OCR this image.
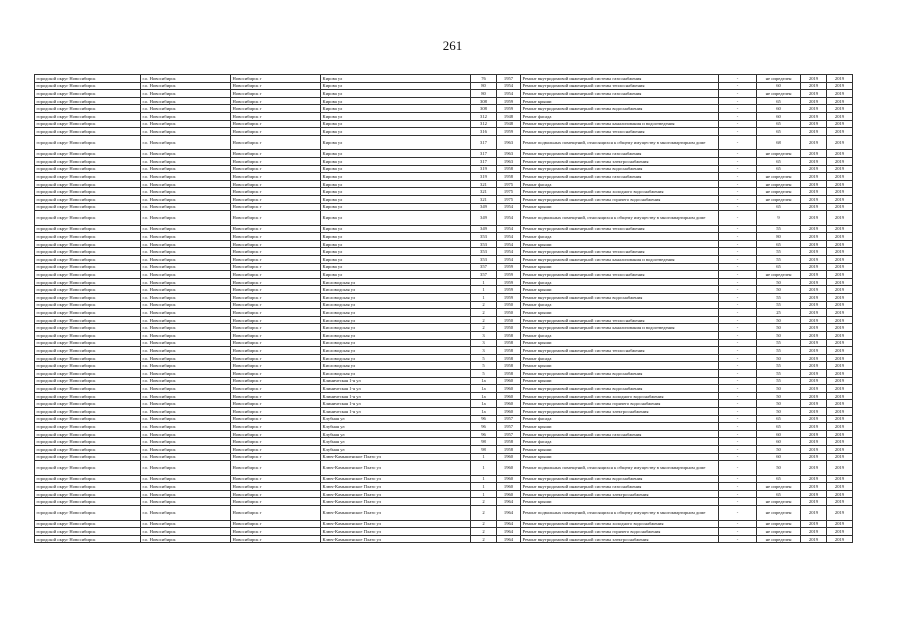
261
городской округ Новосибирск	г.о. Новосибирск	Новосибирск г	Кирова ул	76	1957	Ремонт внутридомовой инженерной системы газоснабжения	-	не определен	2019	2019
городской округ Новосибирск	г.о. Новосибирск	Новосибирск г	Кирова ул	80	1954	Ремонт внутридомовой инженерной системы теплоснабжения	-	60	2019	2019
городской округ Новосибирск	г.о. Новосибирск	Новосибирск г	Кирова ул	80	1954	Ремонт внутридомовой инженерной системы газоснабжения	-	не определен	2019	2019
городской округ Новосибирск	г.о. Новосибирск	Новосибирск г	Кирова ул	308	1959	Ремонт крыши	-	65	2019	2019
городской округ Новосибирск	г.о. Новосибирск	Новосибирск г	Кирова ул	308	1959	Ремонт внутридомовой инженерной системы водоснабжения	-	60	2019	2019
городской округ Новосибирск	г.о. Новосибирск	Новосибирск г	Кирова ул	312	1948	Ремонт фасада	-	60	2019	2019
городской округ Новосибирск	г.о. Новосибирск	Новосибирск г	Кирова ул	312	1948	Ремонт внутридомовой инженерной системы канализования и водоотведения	-	65	2019	2019
городской округ Новосибирск	г.о. Новосибирск	Новосибирск г	Кирова ул	316	1959	Ремонт внутридомовой инженерной системы теплоснабжения	-	65	2019	2019
городской округ Новосибирск	г.о. Новосибирск	Новосибирск г	Кирова ул	317	1963	Ремонт подвальных помещений, относящихся к общему имуществу в многоквартирном доме	-	68	2019	2019
городской округ Новосибирск	г.о. Новосибирск	Новосибирск г	Кирова ул	317	1963	Ремонт внутридомовой инженерной системы газоснабжения	-	не определен	2019	2019
городской округ Новосибирск	г.о. Новосибирск	Новосибирск г	Кирова ул	317	1963	Ремонт внутридомовой инженерной системы электроснабжения	-	65	2019	2019
городской округ Новосибирск	г.о. Новосибирск	Новосибирск г	Кирова ул	319	1958	Ремонт внутридомовой инженерной системы водоснабжения	-	65	2019	2019
городской округ Новосибирск	г.о. Новосибирск	Новосибирск г	Кирова ул	319	1958	Ремонт внутридомовой инженерной системы газоснабжения	-	не определен	2019	2019
городской округ Новосибирск	г.о. Новосибирск	Новосибирск г	Кирова ул	321	1975	Ремонт фасада	-	не определен	2019	2019
городской округ Новосибирск	г.о. Новосибирск	Новосибирск г	Кирова ул	321	1975	Ремонт внутридомовой инженерной системы холодного водоснабжения	-	не определен	2019	2019
городской округ Новосибирск	г.о. Новосибирск	Новосибирск г	Кирова ул	321	1975	Ремонт внутридомовой инженерной системы горячего водоснабжения	-	не определен	2019	2019
городской округ Новосибирск	г.о. Новосибирск	Новосибирск г	Кирова ул	349	1954	Ремонт крыши	-	65	2019	2019
городской округ Новосибирск	г.о. Новосибирск	Новосибирск г	Кирова ул	349	1954	Ремонт подвальных помещений, относящихся к общему имуществу в многоквартирном доме	-	9	2019	2019
городской округ Новосибирск	г.о. Новосибирск	Новосибирск г	Кирова ул	349	1954	Ремонт внутридомовой инженерной системы теплоснабжения	-	55	2019	2019
городской округ Новосибирск	г.о. Новосибирск	Новосибирск г	Кирова ул	353	1954	Ремонт фасада	-	80	2019	2019
городской округ Новосибирск	г.о. Новосибирск	Новосибирск г	Кирова ул	353	1954	Ремонт крыши	-	65	2019	2019
городской округ Новосибирск	г.о. Новосибирск	Новосибирск г	Кирова ул	353	1954	Ремонт внутридомовой инженерной системы теплоснабжения	-	55	2019	2019
городской округ Новосибирск	г.о. Новосибирск	Новосибирск г	Кирова ул	353	1954	Ремонт внутридомовой инженерной системы канализования и водоотведения	-	55	2019	2019
городской округ Новосибирск	г.о. Новосибирск	Новосибирск г	Кирова ул	357	1959	Ремонт крыши	-	65	2019	2019
городской округ Новосибирск	г.о. Новосибирск	Новосибирск г	Кирова ул	357	1959	Ремонт внутридомовой инженерной системы теплоснабжения	-	не определен	2019	2019
городской округ Новосибирск	г.о. Новосибирск	Новосибирск г	Кисловодская ул	1	1959	Ремонт фасада	-	50	2019	2019
городской округ Новосибирск	г.о. Новосибирск	Новосибирск г	Кисловодская ул	1	1959	Ремонт крыши	-	50	2019	2019
городской округ Новосибирск	г.о. Новосибирск	Новосибирск г	Кисловодская ул	1	1959	Ремонт внутридомовой инженерной системы водоснабжения	-	55	2019	2019
городской округ Новосибирск	г.о. Новосибирск	Новосибирск г	Кисловодская ул	2	1950	Ремонт фасада	-	55	2019	2019
городской округ Новосибирск	г.о. Новосибирск	Новосибирск г	Кисловодская ул	2	1950	Ремонт крыши	-	25	2019	2019
городской округ Новосибирск	г.о. Новосибирск	Новосибирск г	Кисловодская ул	2	1950	Ремонт внутридомовой инженерной системы теплоснабжения	-	50	2019	2019
городской округ Новосибирск	г.о. Новосибирск	Новосибирск г	Кисловодская ул	2	1950	Ремонт внутридомовой инженерной системы канализования и водоотведения	-	50	2019	2019
городской округ Новосибирск	г.о. Новосибирск	Новосибирск г	Кисловодская ул	3	1958	Ремонт фасада	-	50	2019	2019
городской округ Новосибирск	г.о. Новосибирск	Новосибирск г	Кисловодская ул	3	1958	Ремонт крыши	-	55	2019	2019
городской округ Новосибирск	г.о. Новосибирск	Новосибирск г	Кисловодская ул	3	1958	Ремонт внутридомовой инженерной системы теплоснабжения	-	55	2019	2019
городской округ Новосибирск	г.о. Новосибирск	Новосибирск г	Кисловодская ул	5	1958	Ремонт фасада	-	50	2019	2019
городской округ Новосибирск	г.о. Новосибирск	Новосибирск г	Кисловодская ул	5	1958	Ремонт крыши	-	55	2019	2019
городской округ Новосибирск	г.о. Новосибирск	Новосибирск г	Кисловодская ул	5	1958	Ремонт внутридомовой инженерной системы водоснабжения	-	55	2019	2019
городской округ Новосибирск	г.о. Новосибирск	Новосибирск г	Клиническая 1-я ул	1а	1960	Ремонт крыши	-	55	2019	2019
городской округ Новосибирск	г.о. Новосибирск	Новосибирск г	Клиническая 1-я ул	1а	1960	Ремонт внутридомовой инженерной системы водоснабжения	-	50	2019	2019
городской округ Новосибирск	г.о. Новосибирск	Новосибирск г	Клиническая 1-я ул	1а	1960	Ремонт внутридомовой инженерной системы холодного водоснабжения	-	50	2019	2019
городской округ Новосибирск	г.о. Новосибирск	Новосибирск г	Клиническая 1-я ул	1а	1960	Ремонт внутридомовой инженерной системы горячего водоснабжения	-	50	2019	2019
городской округ Новосибирск	г.о. Новосибирск	Новосибирск г	Клиническая 1-я ул	1а	1960	Ремонт внутридомовой инженерной системы электроснабжения	-	50	2019	2019
городской округ Новосибирск	г.о. Новосибирск	Новосибирск г	Клубная ул	96	1957	Ремонт фасада	-	65	2019	2019
городской округ Новосибирск	г.о. Новосибирск	Новосибирск г	Клубная ул	96	1957	Ремонт крыши	-	65	2019	2019
городской округ Новосибирск	г.о. Новосибирск	Новосибирск г	Клубная ул	96	1957	Ремонт внутридомовой инженерной системы газоснабжения	-	60	2019	2019
городской округ Новосибирск	г.о. Новосибирск	Новосибирск г	Клубная ул	98	1958	Ремонт фасада	-	60	2019	2019
городской округ Новосибирск	г.о. Новосибирск	Новосибирск г	Клубная ул	98	1958	Ремонт крыши	-	50	2019	2019
городской округ Новосибирск	г.о. Новосибирск	Новосибирск г	Ключ-Камышенское Плато ул	1	1960	Ремонт крыши	-	60	2019	2019
городской округ Новосибирск	г.о. Новосибирск	Новосибирск г	Ключ-Камышенское Плато ул	1	1960	Ремонт подвальных помещений, относящихся к общему имуществу в многоквартирном доме	-	50	2019	2019
городской округ Новосибирск	г.о. Новосибирск	Новосибирск г	Ключ-Камышенское Плато ул	1	1960	Ремонт внутридомовой инженерной системы водоснабжения	-	65	2019	2019
городской округ Новосибирск	г.о. Новосибирск	Новосибирск г	Ключ-Камышенское Плато ул	1	1960	Ремонт внутридомовой инженерной системы газоснабжения	-	не определен	2019	2019
городской округ Новосибирск	г.о. Новосибирск	Новосибирск г	Ключ-Камышенское Плато ул	1	1960	Ремонт внутридомовой инженерной системы электроснабжения	-	65	2019	2019
городской округ Новосибирск	г.о. Новосибирск	Новосибирск г	Ключ-Камышенское Плато ул	2	1964	Ремонт крыши	-	не определен	2019	2019
городской округ Новосибирск	г.о. Новосибирск	Новосибирск г	Ключ-Камышенское Плато ул	2	1964	Ремонт подвальных помещений, относящихся к общему имуществу в многоквартирном доме	-	не определен	2019	2019
городской округ Новосибирск	г.о. Новосибирск	Новосибирск г	Ключ-Камышенское Плато ул	2	1964	Ремонт внутридомовой инженерной системы холодного водоснабжения	-	не определен	2019	2019
городской округ Новосибирск	г.о. Новосибирск	Новосибирск г	Ключ-Камышенское Плато ул	2	1964	Ремонт внутридомовой инженерной системы горячего водоснабжения	-	не определен	2019	2019
городской округ Новосибирск	г.о. Новосибирск	Новосибирск г	Ключ-Камышенское Плато ул	2	1964	Ремонт внутридомовой инженерной системы электроснабжения	-	не определен	2019	2019
